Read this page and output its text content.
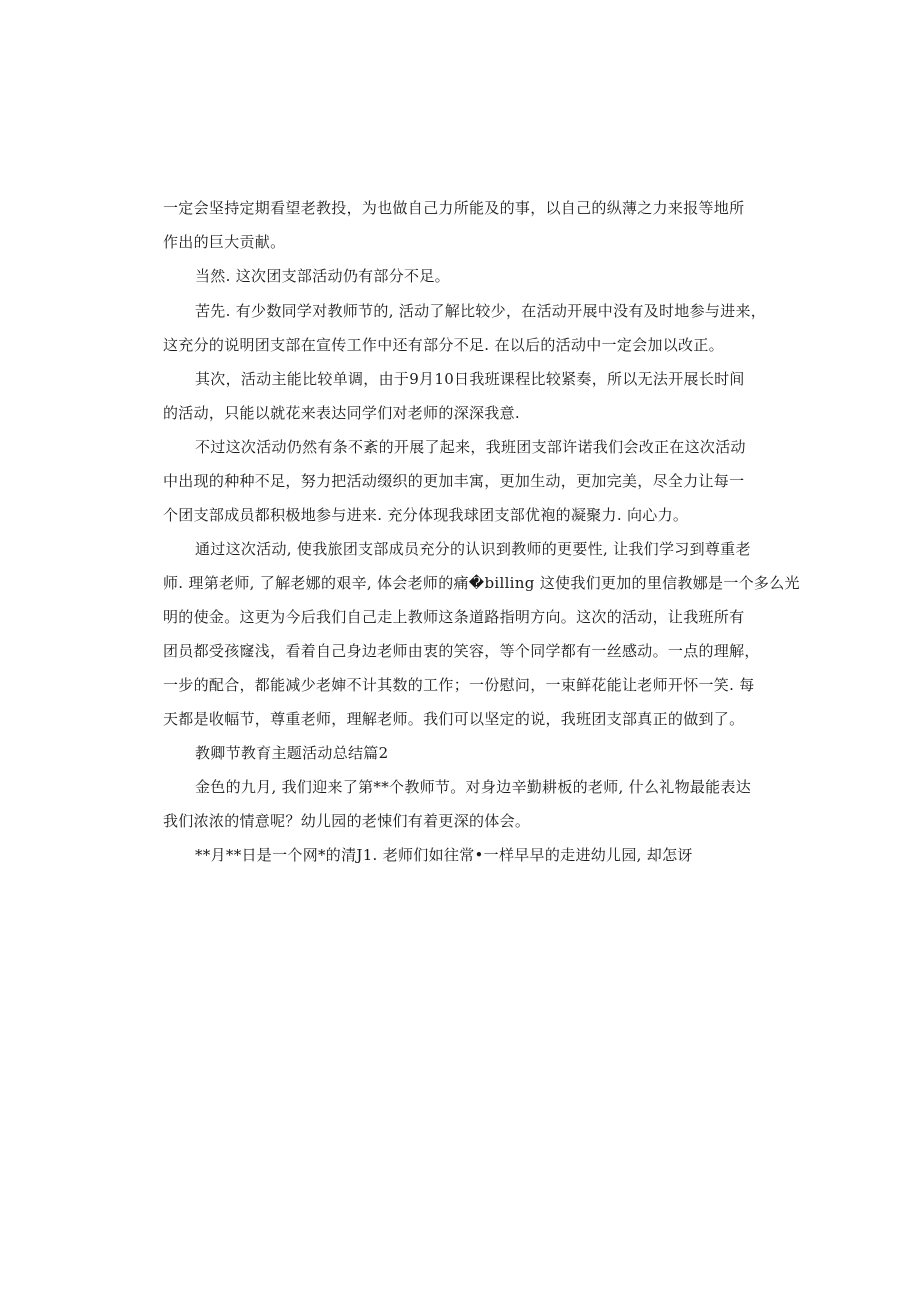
一定会坚持定期看望老教投，为也做自己力所能及的事，以自己的纵薄之力来报等地所
作出的巨大贡献。
当然. 这次团支部活动仍有部分不足。
苦先. 有少数同学对教师节的, 活动了解比较少，在活动开展中没有及时地参与进来，
这充分的说明团支部在宣传工作中还有部分不足. 在以后的活动中一定会加以改正。
其次，活动主能比较单调，由于9月10日我班课程比较紧奏，所以无法开展长时间
的活动，只能以就花来表达同学们对老师的深深我意.
不过这次活动仍然有条不紊的开展了起来，我班团支部许诺我们会改正在这次活动
中出现的种种不足，努力把活动缀织的更加丰寓，更加生动，更加完美，尽全力让每一
个团支部成员都积极地参与进来. 充分体现我球团支部优袍的凝聚力. 向心力。
通过这次活动, 使我旅团支部成员充分的认识到教师的更要性, 让我们学习到尊重老
师. 理第老师, 了解老娜的艰辛, 体会老师的痛�billing 这使我们更加的里信教娜是一个多么光
明的使金。这更为今后我们自己走上教师这条道路指明方向。这次的活动，让我班所有
团员都受孩窿浅，看着自己身边老师由衷的笑容，等个同学都有一丝感动。一点的理解，
一步的配合，都能减少老婶不计其数的工作；一份慰问，一束鲜花能让老师开怀一笑. 每
天都是收幅节，尊重老师，理解老师。我们可以坚定的说，我班团支部真正的做到了。
教卿节教育主题活动总结篇2
金色的九月, 我们迎来了第**个教师节。对身边辛勤耕板的老师, 什么礼物最能表达
我们浓浓的情意呢？幼儿园的老悚们有着更深的体会。
**月**日是一个网*的清J1. 老师们如往常•一样早早的走进幼儿园, 却怎讶
